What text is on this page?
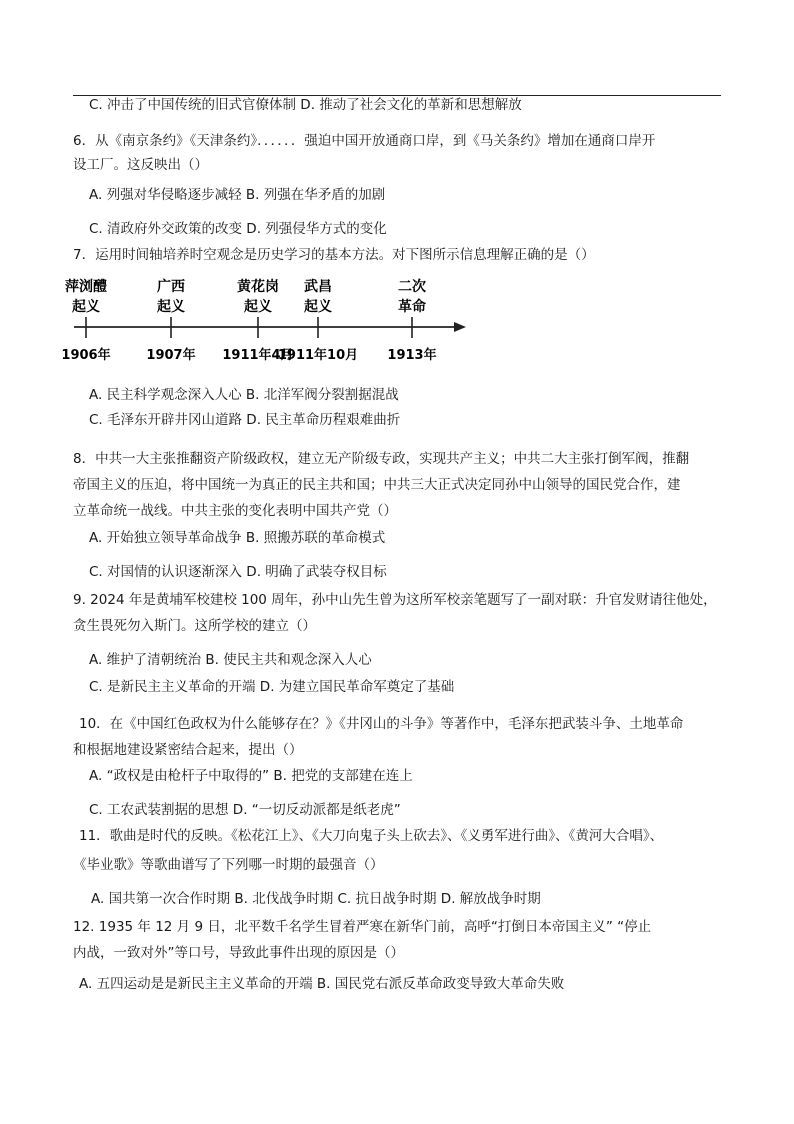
C. 冲击了中国传统的旧式官僚体制 D. 推动了社会文化的革新和思想解放
6．从《南京条约》《天津条约》．．．．．．强迫中国开放通商口岸，到《马关条约》增加在通商口岸开
设工厂。这反映出（）
A. 列强对华侵略逐步减轻 B. 列强在华矛盾的加剧
C. 清政府外交政策的改变 D. 列强侵华方式的变化
7．运用时间轴培养时空观念是历史学习的基本方法。对下图所示信息理解正确的是（）
萍浏醴
起义
1906年
广西
起义
1907年
黄花岗
起义
1911年4月
武昌
起义
1911年10月
二次
革命
1913年
A. 民主科学观念深入人心 B. 北洋军阀分裂割据混战
C. 毛泽东开辟井冈山道路 D. 民主革命历程艰难曲折
8．中共一大主张推翻资产阶级政权，建立无产阶级专政，实现共产主义；中共二大主张打倒军阀，推翻
帝国主义的压迫，将中国统一为真正的民主共和国；中共三大正式决定同孙中山领导的国民党合作，建
立革命统一战线。中共主张的变化表明中国共产党（）
A. 开始独立领导革命战争 B. 照搬苏联的革命模式
C. 对国情的认识逐渐深入 D. 明确了武装夺权目标
9. 2024 年是黄埔军校建校 100 周年，孙中山先生曾为这所军校亲笔题写了一副对联：升官发财请往他处，
贪生畏死勿入斯门。这所学校的建立（）
A. 维护了清朝统治 B. 使民主共和观念深入人心
C. 是新民主主义革命的开端 D. 为建立国民革命军奠定了基础
10．在《中国红色政权为什么能够存在？》《井冈山的斗争》等著作中，毛泽东把武装斗争、土地革命
和根据地建设紧密结合起来，提出（）
A. “政权是由枪杆子中取得的” B. 把党的支部建在连上
C. 工农武装割据的思想 D. “一切反动派都是纸老虎”
11．歌曲是时代的反映。《松花江上》、《大刀向鬼子头上砍去》、《义勇军进行曲》、《黄河大合唱》、
《毕业歌》等歌曲谱写了下列哪一时期的最强音（）
A. 国共第一次合作时期 B. 北伐战争时期 C. 抗日战争时期 D. 解放战争时期
12. 1935 年 12 月 9 日，北平数千名学生冒着严寒在新华门前，高呼“打倒日本帝国主义” “停止
内战，一致对外”等口号，导致此事件出现的原因是（）
A. 五四运动是是新民主主义革命的开端 B. 国民党右派反革命政变导致大革命失败
